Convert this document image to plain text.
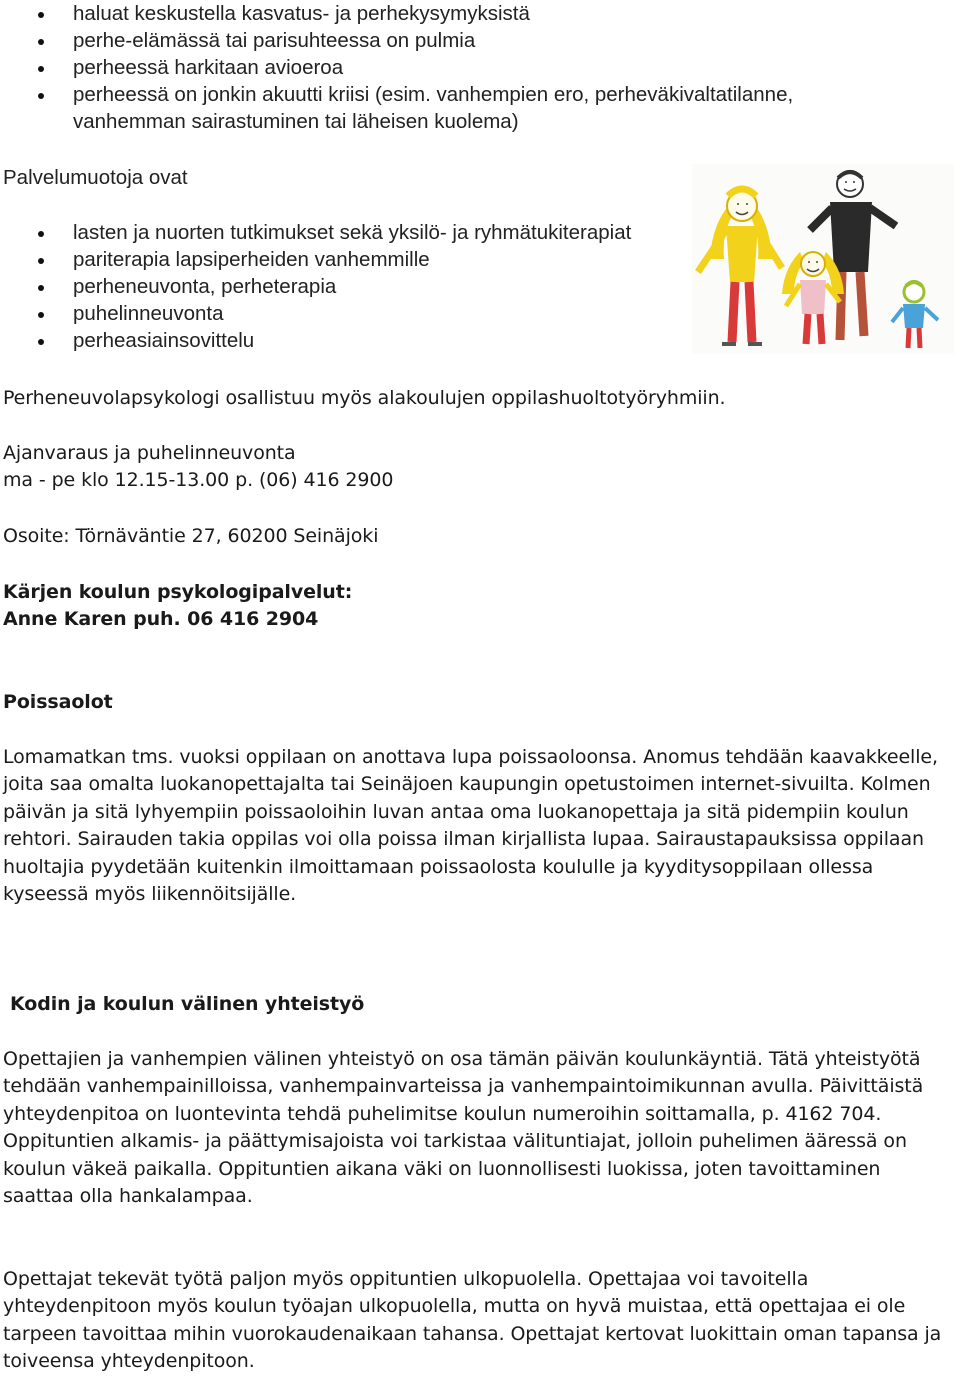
haluat keskustella kasvatus- ja perhekysymyksistä
perhe-elämässä tai parisuhteessa on pulmia
perheessä harkitaan avioeroa
perheessä on jonkin akuutti kriisi (esim. vanhempien ero, perheväkivaltatilanne, vanhemman sairastuminen tai läheisen kuolema)
Palvelumuotoja ovat
lasten ja nuorten tutkimukset sekä yksilö- ja ryhmätukiterapiat
pariterapia lapsiperheiden vanhemmille
perheneuvonta, perheterapia
puhelinneuvonta
perheasiainsovittelu
Perheneuvolapsykologi osallistuu myös alakoulujen oppilashuoltotyöryhmiin.

Ajanvaraus ja puhelinneuvonta

ma - pe klo 12.15-13.00 p. (06) 416 2900

Osoite: Törnäväntie 27, 60200 Seinäjoki

Kärjen koulun psykologipalvelut:

Anne Karen puh. 06 416 2904

Poissaolot
Lomamatkan tms. vuoksi oppilaan on anottava lupa poissaoloonsa. Anomus tehdään kaavakkeelle, joita saa omalta luokanopettajalta tai Seinäjoen kaupungin opetustoimen internet-sivuilta. Kolmen päivän ja sitä lyhyempiin poissaoloihin luvan antaa oma luokanopettaja ja sitä pidempiin koulun rehtori. Sairauden takia oppilas voi olla poissa ilman kirjallista lupaa. Sairaustapauksissa oppilaan huoltajia pyydetään kuitenkin ilmoittamaan poissaolosta koululle ja kyyditysoppilaan ollessa kyseessä myös liikennöitsijälle.
Kodin ja koulun välinen yhteistyö
Opettajien ja vanhempien välinen yhteistyö on osa tämän päivän koulunkäyntiä. Tätä yhteistyötä tehdään vanhempainilloissa, vanhempainvarteissa ja vanhempaintoimikunnan avulla. Päivittäistä yhteydenpitoa on luontevinta tehdä puhelimitse koulun numeroihin soittamalla, p. 4162 704. Oppituntien alkamis- ja päättymisajoista voi tarkistaa välituntiajat, jolloin puhelimen ääressä on koulun väkeä paikalla. Oppituntien aikana väki on luonnollisesti luokissa, joten tavoittaminen saattaa olla hankalampaa.
Opettajat tekevät työtä paljon myös oppituntien ulkopuolella. Opettajaa voi tavoitella yhteydenpitoon myös koulun työajan ulkopuolella, mutta on hyvä muistaa, että opettajaa ei ole tarpeen tavoittaa mihin vuorokaudenaikaan tahansa. Opettajat kertovat luokittain oman tapansa ja toiveensa yhteydenpitoon.
